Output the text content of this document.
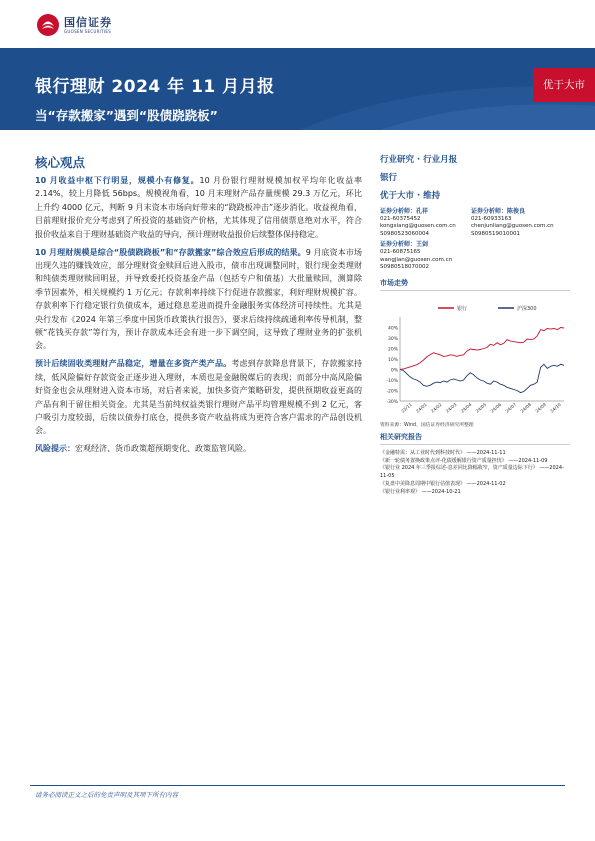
国信证券
GUOSEN SECURITIES
银行理财 2024 年 11 月月报
当“存款搬家”遇到“股债跷跷板”
优于大市
核心观点

10 月收益中枢下行明显，规模小有修复。10 月份银行理财规模加权平均年化收益率 2.14%，较上月降低 56bps。规模视角看，10 月末理财产品存量规模 29.3 万亿元，环比上升约 4000 亿元，判断 9 月末资本市场向好带来的“跷跷板冲击”逐步消化。收益视角看，目前理财报价充分考虑到了所投资的基础资产价格，尤其体现了信用债票息绝对水平，符合报价收益来自于理财基础资产收益的导向，预计理财收益报价后续整体保持稳定。

10 月理财规模是综合“股债跷跷板”和“存款搬家”综合效应后形成的结果。9 月底资本市场出现久违的赚钱效应，部分理财资金赎回后进入股市，债市出现调整同时，银行现金类理财和纯债类理财赎回明显，并导致委托投资基金产品（包括专户和债基）大批量赎回，测算除季节因素外，相关规模约 1 万亿元；存款利率持续下行促进存款搬家，利好理财规模扩容。存款利率下行稳定银行负债成本，通过稳息差进而提升金融服务实体经济可持续性。尤其是央行发布《2024 年第三季度中国货币政策执行报告》，要求后续持续疏通利率传导机制，整顿“花钱买存款”等行为，预计存款成本还会有进一步下调空间，这导致了理财业务的扩张机会。

预计后续固收类理财产品稳定，增量在多资产类产品。考虑到存款降息背景下，存款搬家持续，低风险偏好存款资金正逐步进入理财，本质也是金融脱媒后的表现；而部分中高风险偏好资金也会从理财进入资本市场，对后者来说，加快多资产策略研发，提供预期收益更高的产品有利于留住相关资金。尤其是当前纯权益类银行理财产品平均管理规模不到 2 亿元，客户吸引力度较弱，后续以债券打底仓，提供多资产收益将成为更符合客户需求的产品创设机会。

风险提示：宏观经济、货币政策超预期变化、政策监管风险。

行业研究 · 行业月报
银行
优于大市 · 维持
证券分析师：孔祥
021-60375452
kongxiang@guosen.com.cn
S0980523060004
证券分析师：陈俊良
021-60933163
chenjunliang@guosen.com.cn
S0980519010001
证券分析师：王剑
021-60875165
wangjian@guosen.com.cn
S0980518070002
市场走势
-30%
-20%
-10%
0%
10%
20%
30%
40%
23/11 24/01 24/02 24/03 24/04 24/05 24/06 24/07 24/08 24/09 24/10
银行	沪深300
资料来源：Wind、国信证券经济研究所整理
相关研究报告
《金融特需：从工业时代到科技时代》 ——2024-11-11
《新一轮债务置换政策点评-化债缓解银行资产质量担忧》 ——2024-11-09
《银行业 2024 年三季报综述-息差同比降幅收窄，资产质量边际下行》 ——2024-11-05
《复盘中美降息周期中银行估值表现》 ——2024-11-02
《银行业利率观》 ——2024-10-21
请务必阅读正文之后的免责声明及其项下所有内容
